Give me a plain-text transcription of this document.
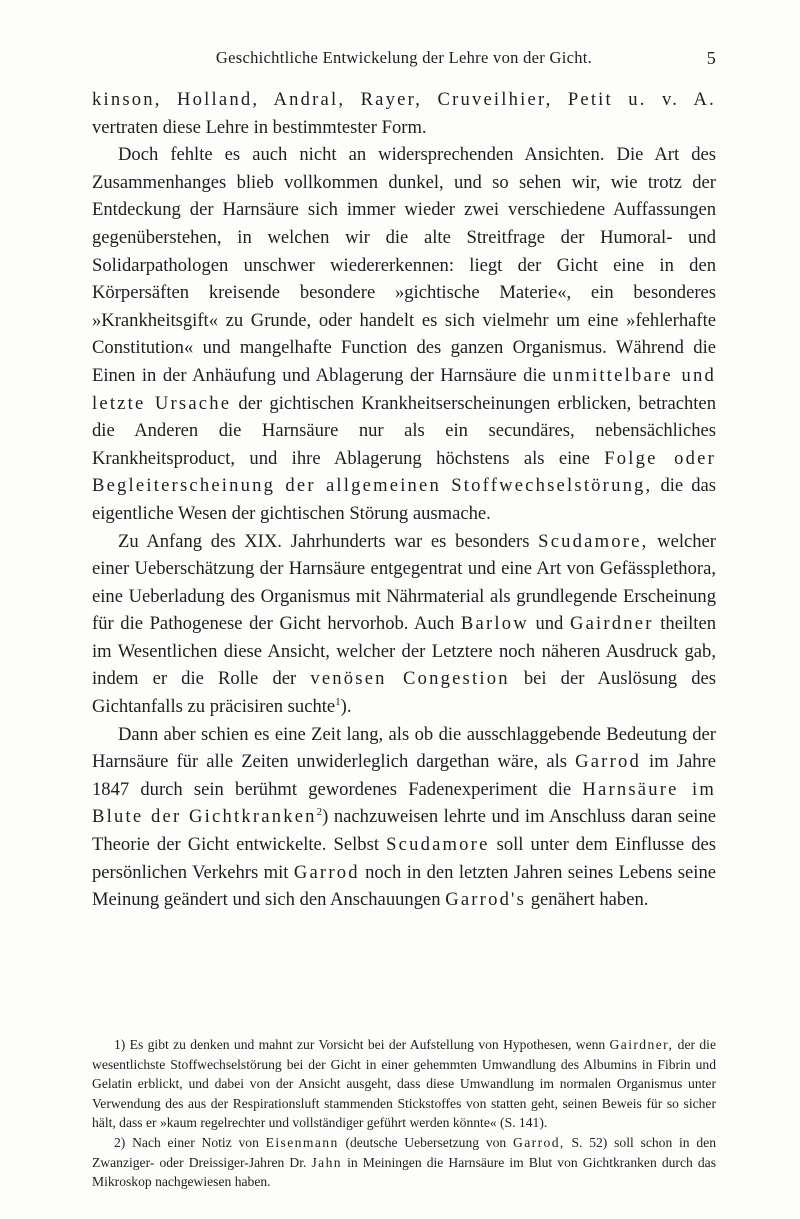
Geschichtliche Entwickelung der Lehre von der Gicht.	5

kinson, Holland, Andral, Rayer, Cruveilhier, Petit u. v. A. vertraten diese Lehre in bestimmtester Form.

Doch fehlte es auch nicht an widersprechenden Ansichten. Die Art des Zusammenhanges blieb vollkommen dunkel, und so sehen wir, wie trotz der Entdeckung der Harnsäure sich immer wieder zwei verschiedene Auffassungen gegenüberstehen, in welchen wir die alte Streitfrage der Humoral- und Solidarpathologen unschwer wiedererkennen: liegt der Gicht eine in den Körpersäften kreisende besondere »gichtische Materie«, ein besonderes »Krankheitsgift« zu Grunde, oder handelt es sich vielmehr um eine »fehlerhafte Constitution« und mangelhafte Function des ganzen Organismus. Während die Einen in der Anhäufung und Ablagerung der Harnsäure die unmittelbare und letzte Ursache der gichtischen Krankheitserscheinungen erblicken, betrachten die Anderen die Harnsäure nur als ein secundäres, nebensächliches Krankheitsproduct, und ihre Ablagerung höchstens als eine Folge oder Begleiterscheinung der allgemeinen Stoffwechselstörung, die das eigentliche Wesen der gichtischen Störung ausmache.

Zu Anfang des XIX. Jahrhunderts war es besonders Scudamore, welcher einer Ueberschätzung der Harnsäure entgegentrat und eine Art von Gefässplethora, eine Ueberladung des Organismus mit Nährmaterial als grundlegende Erscheinung für die Pathogenese der Gicht hervorhob. Auch Barlow und Gairdner theilten im Wesentlichen diese Ansicht, welcher der Letztere noch näheren Ausdruck gab, indem er die Rolle der venösen Congestion bei der Auslösung des Gichtanfalls zu präcisiren suchte$^1$).

Dann aber schien es eine Zeit lang, als ob die ausschlaggebende Bedeutung der Harnsäure für alle Zeiten unwiderleglich dargethan wäre, als Garrod im Jahre 1847 durch sein berühmt gewordenes Fadenexperiment die Harnsäure im Blute der Gichtkranken$^2$) nachzuweisen lehrte und im Anschluss daran seine Theorie der Gicht entwickelte. Selbst Scudamore soll unter dem Einflusse des persönlichen Verkehrs mit Garrod noch in den letzten Jahren seines Lebens seine Meinung geändert und sich den Anschauungen Garrod's genähert haben.

1) Es gibt zu denken und mahnt zur Vorsicht bei der Aufstellung von Hypothesen, wenn Gairdner, der die wesentlichste Stoffwechselstörung bei der Gicht in einer gehemmten Umwandlung des Albumins in Fibrin und Gelatin erblickt, und dabei von der Ansicht ausgeht, dass diese Umwandlung im normalen Organismus unter Verwendung des aus der Respirationsluft stammenden Stickstoffes von statten geht, seinen Beweis für so sicher hält, dass er »kaum regelrechter und vollständiger geführt werden könnte« (S. 141).

2) Nach einer Notiz von Eisenmann (deutsche Uebersetzung von Garrod, S. 52) soll schon in den Zwanziger- oder Dreissiger-Jahren Dr. Jahn in Meiningen die Harnsäure im Blut von Gichtkranken durch das Mikroskop nachgewiesen haben.
